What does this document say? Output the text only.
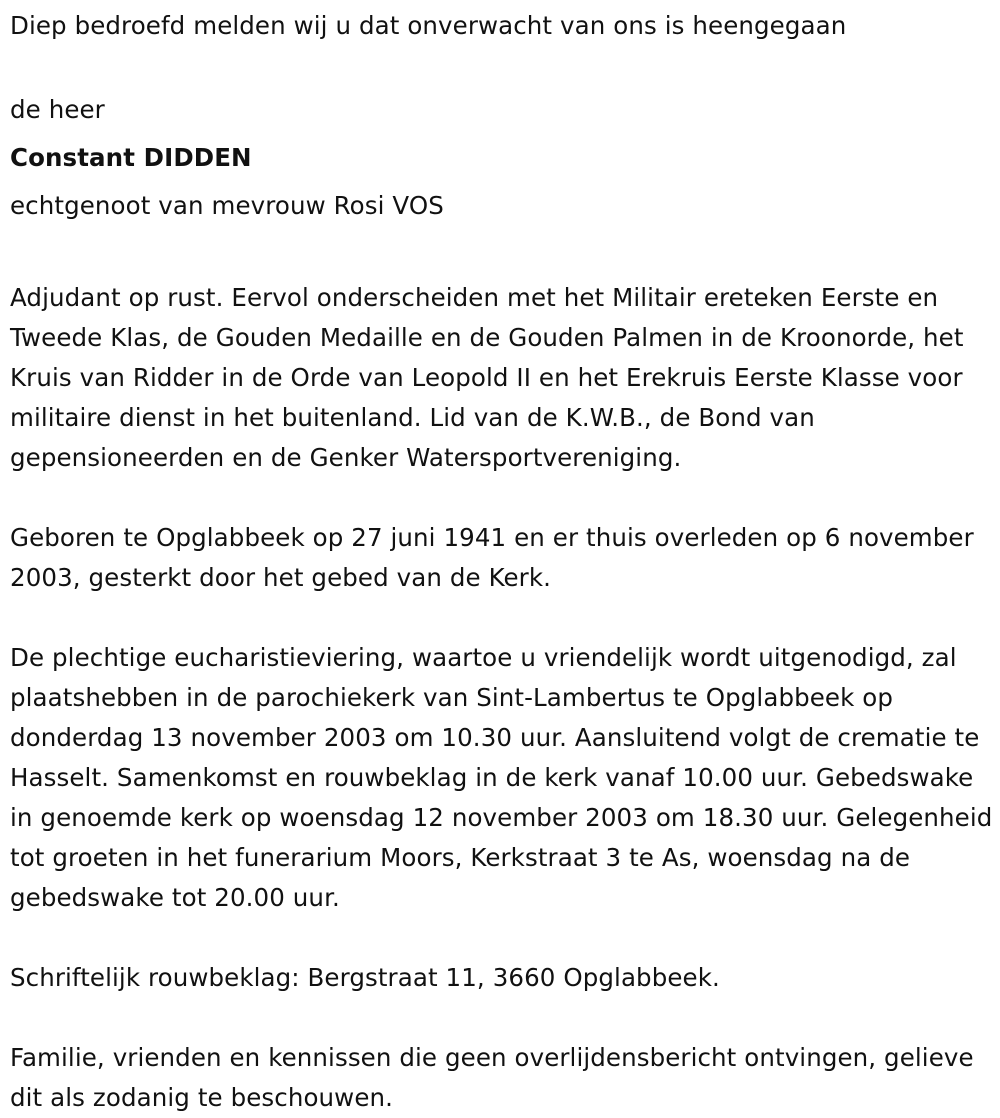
Diep bedroefd melden wij u dat onverwacht van ons is heengegaan

de heer

Constant DIDDEN

echtgenoot van mevrouw Rosi VOS

Adjudant op rust. Eervol onderscheiden met het Militair ereteken Eerste en Tweede Klas, de Gouden Medaille en de Gouden Palmen in de Kroonorde, het Kruis van Ridder in de Orde van Leopold II en het Erekruis Eerste Klasse voor militaire dienst in het buitenland. Lid van de K.W.B., de Bond van gepensioneerden en de Genker Watersportvereniging.

Geboren te Opglabbeek op 27 juni 1941 en er thuis overleden op 6 november 2003, gesterkt door het gebed van de Kerk.

De plechtige eucharistieviering, waartoe u vriendelijk wordt uitgenodigd, zal plaatshebben in de parochiekerk van Sint-Lambertus te Opglabbeek op donderdag 13 november 2003 om 10.30 uur. Aansluitend volgt de crematie te Hasselt. Samenkomst en rouwbeklag in de kerk vanaf 10.00 uur. Gebedswake in genoemde kerk op woensdag 12 november 2003 om 18.30 uur. Gelegenheid tot groeten in het funerarium Moors, Kerkstraat 3 te As, woensdag na de gebedswake tot 20.00 uur.

Schriftelijk rouwbeklag: Bergstraat 11, 3660 Opglabbeek.

Familie, vrienden en kennissen die geen overlijdensbericht ontvingen, gelieve dit als zodanig te beschouwen.
